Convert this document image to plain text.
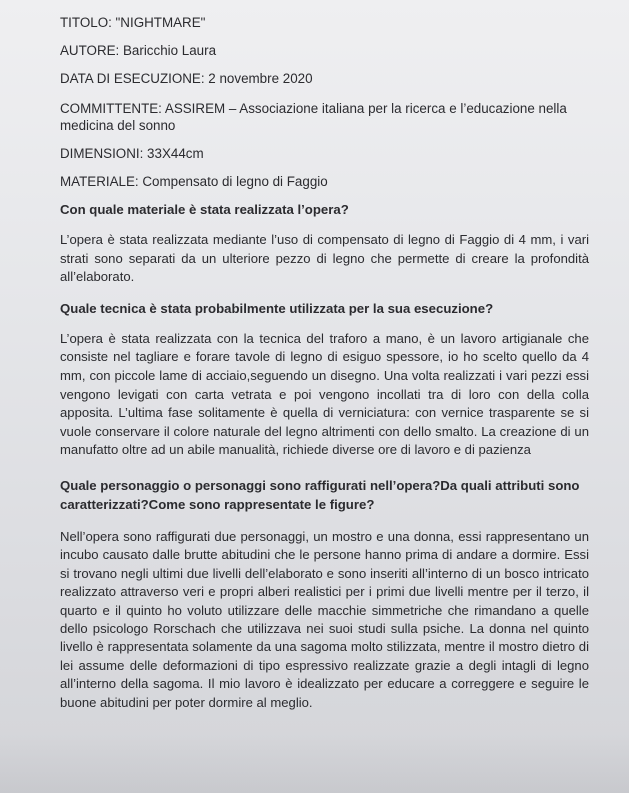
TITOLO: "NIGHTMARE"
AUTORE: Baricchio Laura
DATA DI ESECUZIONE: 2 novembre 2020
COMMITTENTE: ASSIREM – Associazione italiana per la ricerca e l’educazione nella medicina del sonno
DIMENSIONI: 33X44cm
MATERIALE: Compensato di legno di Faggio
Con quale materiale è stata realizzata l’opera?
L’opera è stata realizzata mediante l’uso di compensato di legno di Faggio di 4 mm, i vari strati sono separati da un ulteriore pezzo di legno che permette di creare la profondità all’elaborato.
Quale tecnica è stata probabilmente utilizzata per la sua esecuzione?
L’opera è stata realizzata con la tecnica del traforo a mano, è un lavoro artigianale che consiste nel tagliare e forare tavole di legno di esiguo spessore, io ho scelto quello da 4 mm, con piccole lame di acciaio,seguendo un disegno. Una volta realizzati i vari pezzi essi vengono levigati con carta vetrata e poi vengono incollati tra di loro con della colla apposita. L’ultima fase solitamente è quella di verniciatura: con vernice trasparente se si vuole conservare il colore naturale del legno altrimenti con dello smalto. La creazione di un manufatto oltre ad un abile manualità, richiede diverse ore di lavoro e di pazienza
Quale personaggio o personaggi sono raffigurati nell’opera?Da quali attributi sono caratterizzati?Come sono rappresentate le figure?
Nell’opera sono raffigurati due personaggi, un mostro e una donna, essi rappresentano un incubo causato dalle brutte abitudini che le persone hanno prima di andare a dormire. Essi si trovano negli ultimi due livelli dell’elaborato e sono inseriti all’interno di un bosco intricato realizzato attraverso veri e propri alberi realistici per i primi due livelli mentre per il terzo, il quarto e il quinto ho voluto utilizzare delle macchie simmetriche che rimandano a quelle dello psicologo Rorschach che utilizzava nei suoi studi sulla psiche. La donna nel quinto livello è rappresentata solamente da una sagoma molto stilizzata, mentre il mostro dietro di lei assume delle deformazioni di tipo espressivo realizzate grazie a degli intagli di legno all’interno della sagoma. Il mio lavoro è idealizzato per educare a correggere e seguire le buone abitudini per poter dormire al meglio.
